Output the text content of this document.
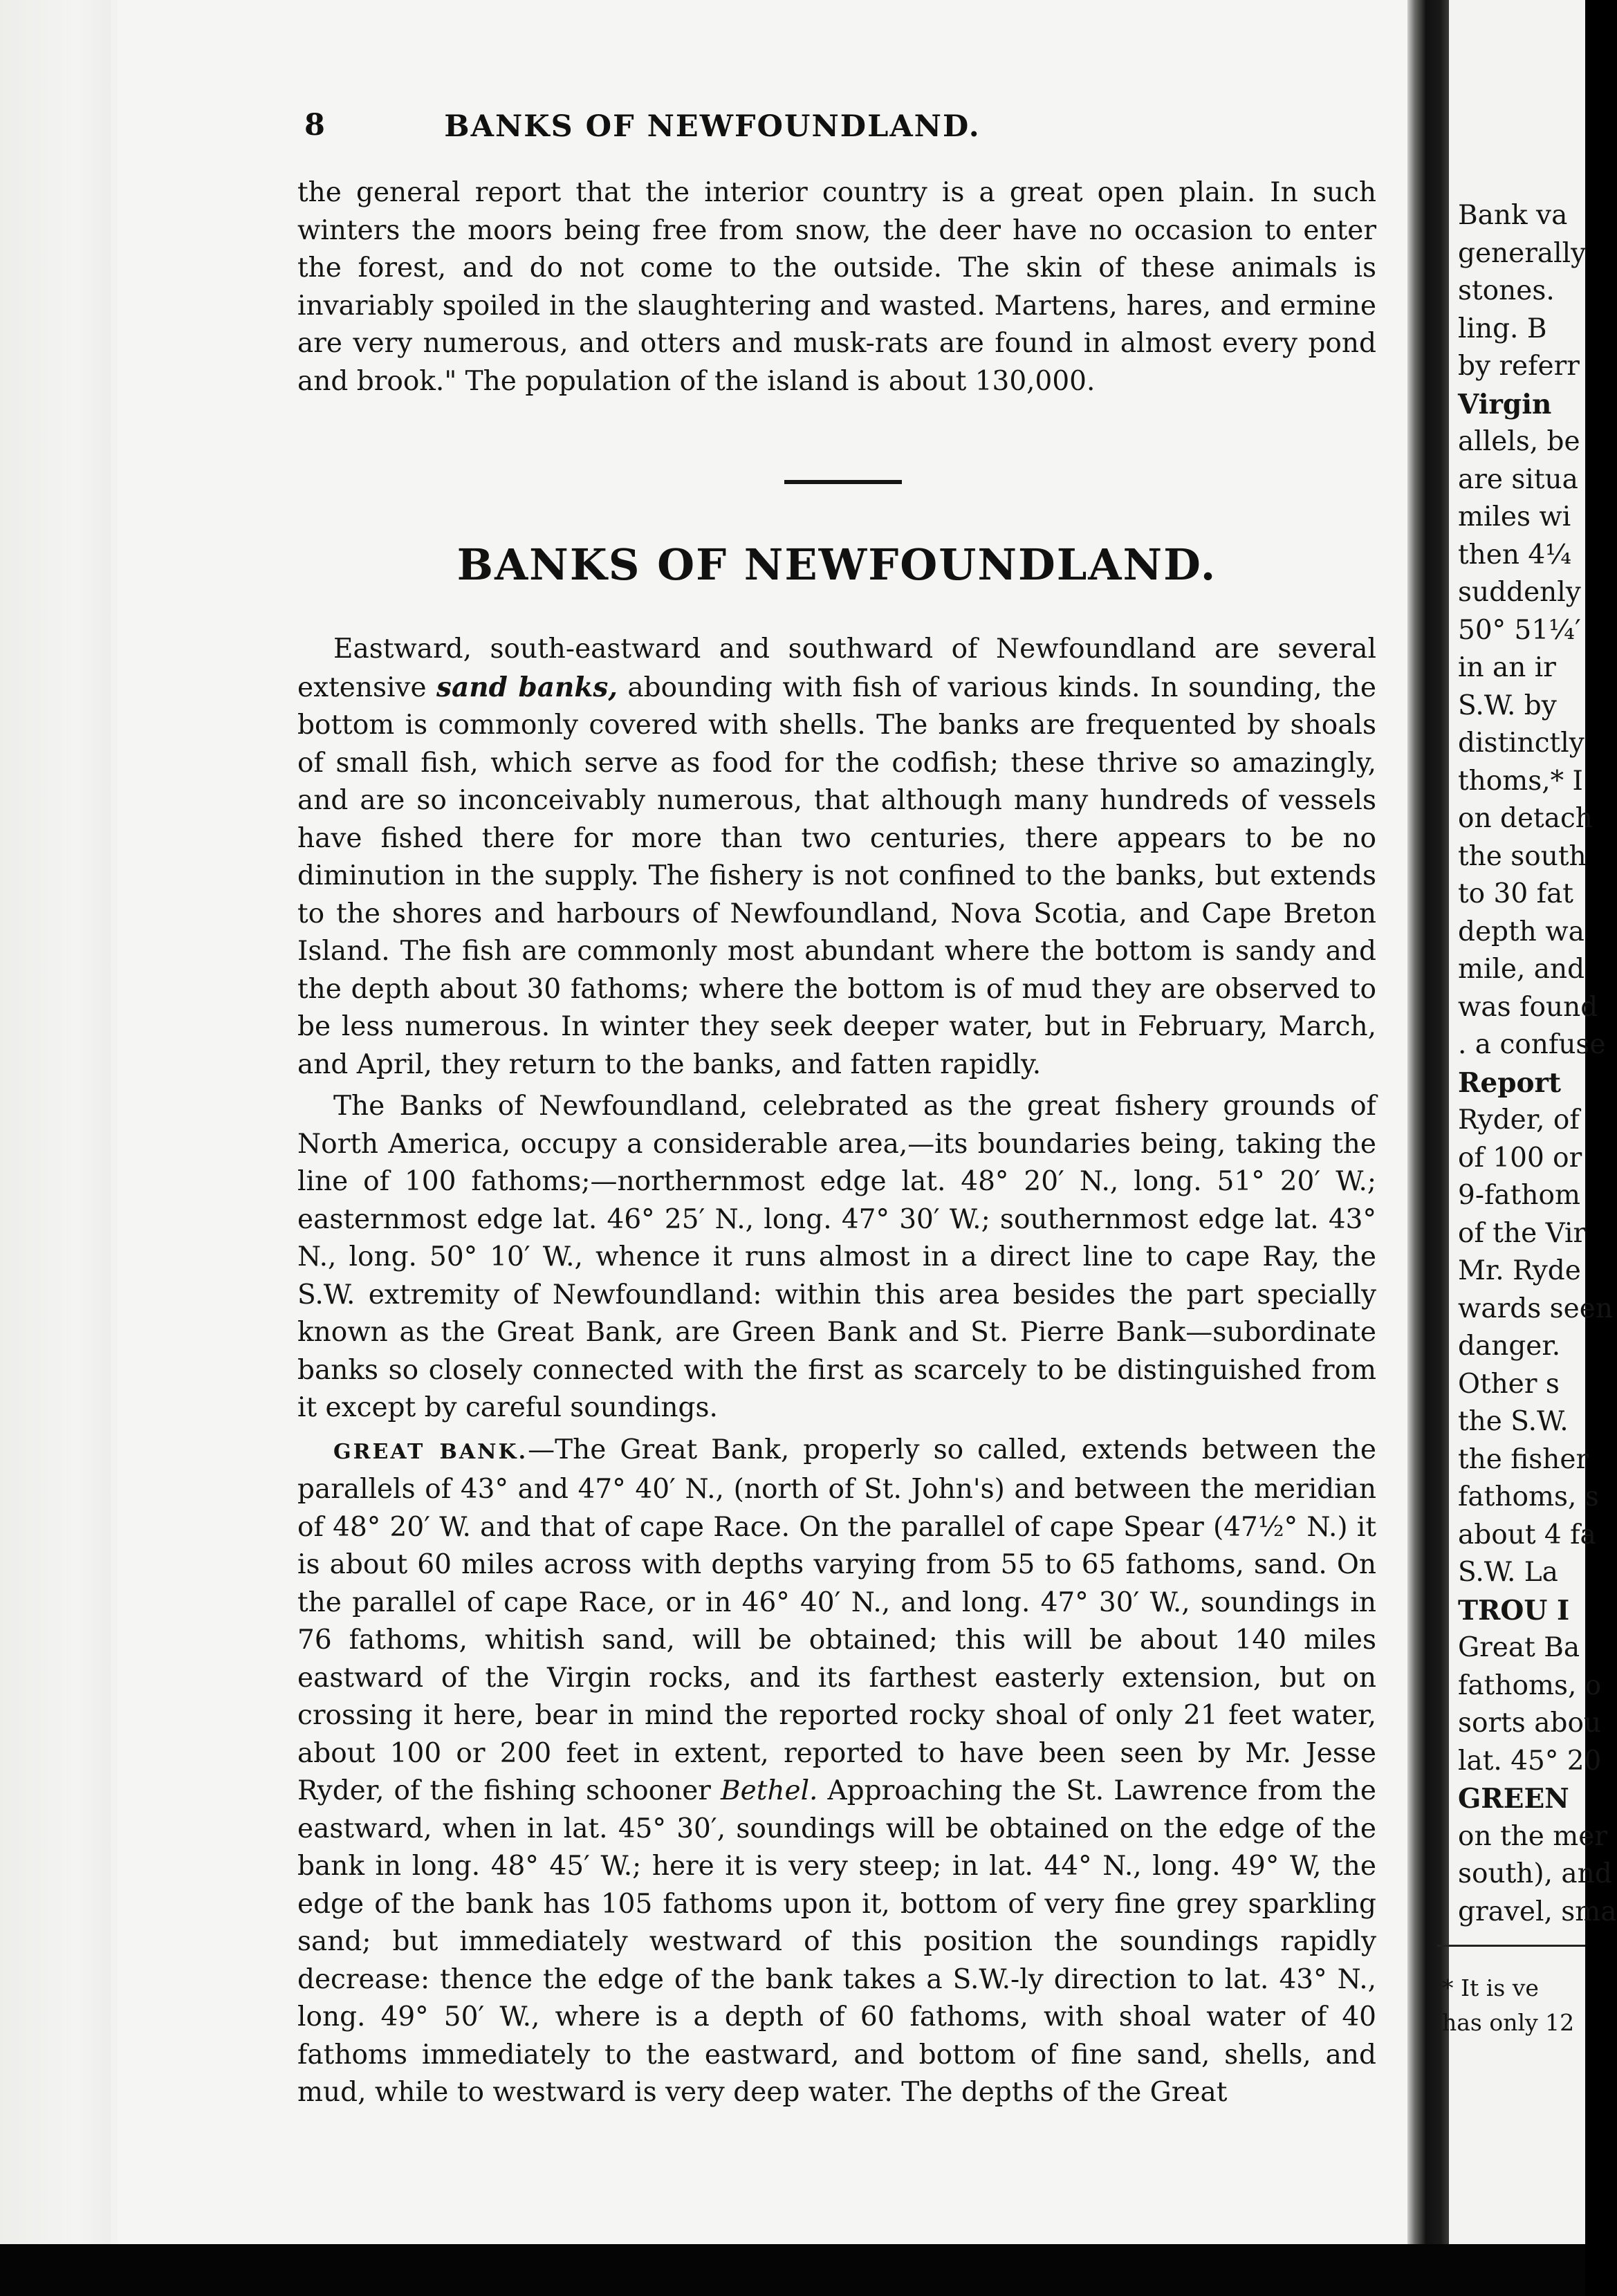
8	BANKS OF NEWFOUNDLAND.

the general report that the interior country is a great open plain. In such winters the moors being free from snow, the deer have no occasion to enter the forest, and do not come to the outside. The skin of these animals is invariably spoiled in the slaughtering and wasted. Martens, hares, and ermine are very numerous, and otters and musk-rats are found in almost every pond and brook." The population of the island is about 130,000.

BANKS OF NEWFOUNDLAND.

Eastward, south-eastward and southward of Newfoundland are several extensive sand banks, abounding with fish of various kinds. In sounding, the bottom is commonly covered with shells. The banks are frequented by shoals of small fish, which serve as food for the codfish; these thrive so amazingly, and are so inconceivably numerous, that although many hundreds of vessels have fished there for more than two centuries, there appears to be no diminution in the supply. The fishery is not confined to the banks, but extends to the shores and harbours of Newfoundland, Nova Scotia, and Cape Breton Island. The fish are commonly most abundant where the bottom is sandy and the depth about 30 fathoms; where the bottom is of mud they are observed to be less numerous. In winter they seek deeper water, but in February, March, and April, they return to the banks, and fatten rapidly.

The Banks of Newfoundland, celebrated as the great fishery grounds of North America, occupy a considerable area,—its boundaries being, taking the line of 100 fathoms;—northernmost edge lat. 48° 20′ N., long. 51° 20′ W.; easternmost edge lat. 46° 25′ N., long. 47° 30′ W.; southernmost edge lat. 43° N., long. 50° 10′ W., whence it runs almost in a direct line to cape Ray, the S.W. extremity of Newfoundland: within this area besides the part specially known as the Great Bank, are Green Bank and St. Pierre Bank—subordinate banks so closely connected with the first as scarcely to be distinguished from it except by careful soundings.

GREAT BANK.—The Great Bank, properly so called, extends between the parallels of 43° and 47° 40′ N., (north of St. John's) and between the meridian of 48° 20′ W. and that of cape Race. On the parallel of cape Spear (47½° N.) it is about 60 miles across with depths varying from 55 to 65 fathoms, sand. On the parallel of cape Race, or in 46° 40′ N., and long. 47° 30′ W., soundings in 76 fathoms, whitish sand, will be obtained; this will be about 140 miles eastward of the Virgin rocks, and its farthest easterly extension, but on crossing it here, bear in mind the reported rocky shoal of only 21 feet water, about 100 or 200 feet in extent, reported to have been seen by Mr. Jesse Ryder, of the fishing schooner Bethel. Approaching the St. Lawrence from the eastward, when in lat. 45° 30′, soundings will be obtained on the edge of the bank in long. 48° 45′ W.; here it is very steep; in lat. 44° N., long. 49° W, the edge of the bank has 105 fathoms upon it, bottom of very fine grey sparkling sand; but immediately westward of this position the soundings rapidly decrease: thence the edge of the bank takes a S.W.-ly direction to lat. 43° N., long. 49° 50′ W., where is a depth of 60 fathoms, with shoal water of 40 fathoms immediately to the eastward, and bottom of fine sand, shells, and mud, while to westward is very deep water. The depths of the Great

Bank va
generally
stones.
ling. B
by referr
Virgin
allels, be
are situa
miles wi
then 4¼
suddenly
50° 51¼′
in an ir
S.W. by
distinctly
thoms,* I
on detach
the south
to 30 fat
depth wa
mile, and
was found
. a confuse
Report
Ryder, of
of 100 or
9-fathom
of the Vir
Mr. Ryde
wards seen
danger.
Other s
the S.W.
the fisher
fathoms, s
about 4 fa
S.W. La
TROU I
Great Ba
fathoms, o
sorts abou
lat. 45° 20
GREEN
on the mer
south), and
gravel, sma
* It is ve
has only 12
